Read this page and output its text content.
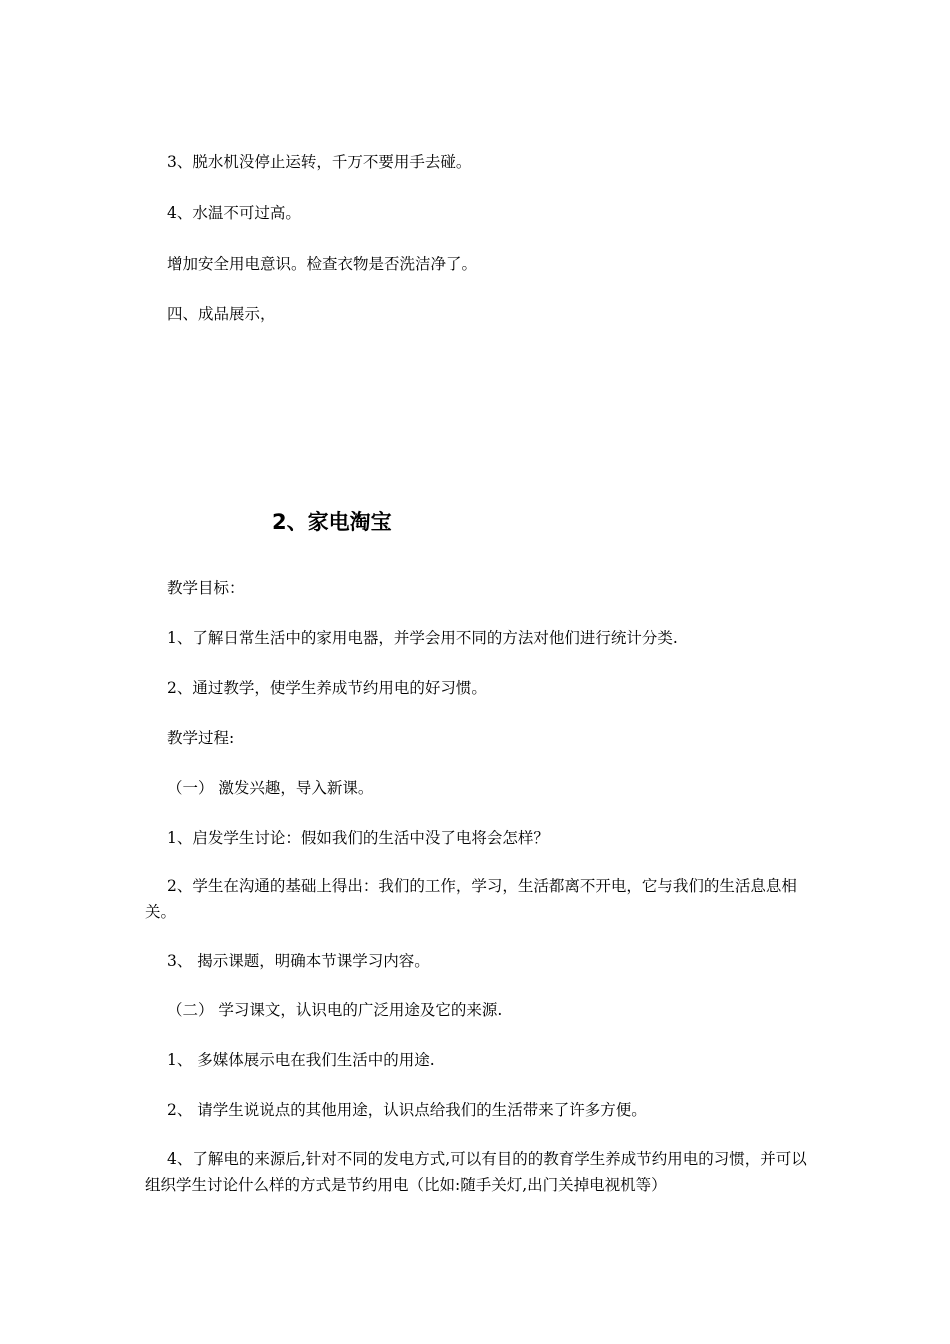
3、脱水机没停止运转，千万不要用手去碰。

4、水温不可过高。

增加安全用电意识。检查衣物是否洗洁净了。

四、成品展示，

2、家电淘宝

教学目标：

1、了解日常生活中的家用电器，并学会用不同的方法对他们进行统计分类.

2、通过教学，使学生养成节约用电的好习惯。

教学过程:

（一） 激发兴趣，导入新课。

1、启发学生讨论：假如我们的生活中没了电将会怎样？

2、学生在沟通的基础上得出：我们的工作，学习，生活都离不开电，它与我们的生活息息相关。

3、 揭示课题，明确本节课学习内容。

（二） 学习课文，认识电的广泛用途及它的来源.

1、 多媒体展示电在我们生活中的用途.

2、 请学生说说点的其他用途，认识点给我们的生活带来了许多方便。

4、了解电的来源后,针对不同的发电方式,可以有目的的教育学生养成节约用电的习惯，并可以组织学生讨论什么样的方式是节约用电（比如:随手关灯,出门关掉电视机等）
